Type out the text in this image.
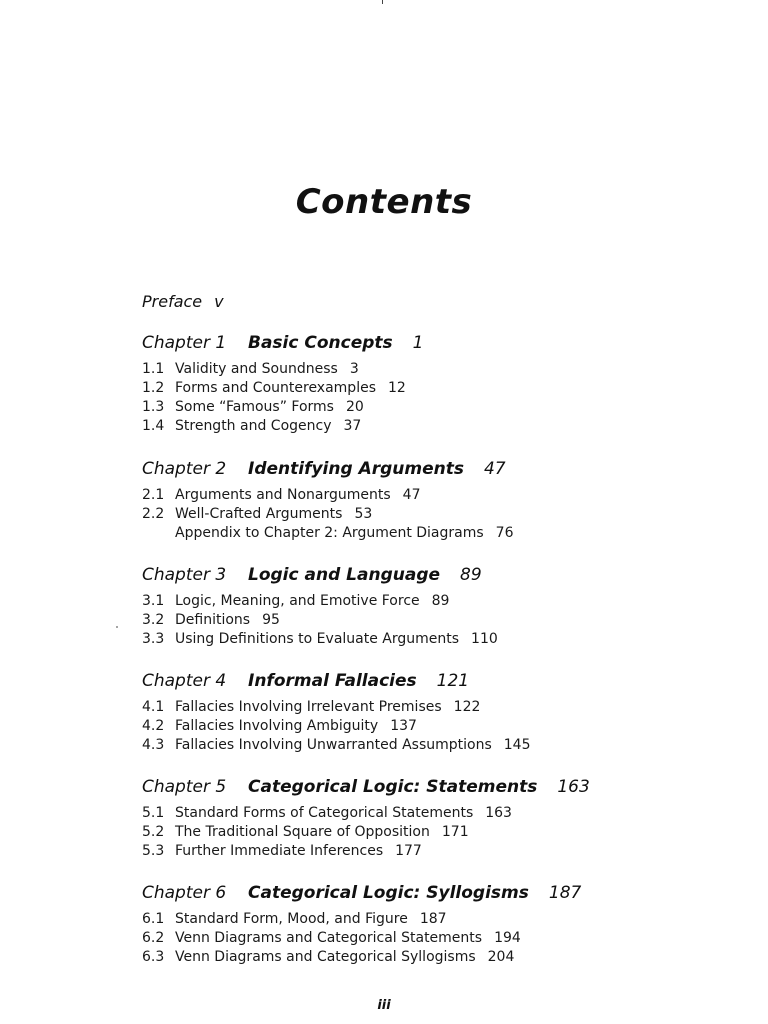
Contents
Preface v
Chapter 1 Basic Concepts 1
1.1 Validity and Soundness 3
1.2 Forms and Counterexamples 12
1.3 Some “Famous” Forms 20
1.4 Strength and Cogency 37
Chapter 2 Identifying Arguments 47
2.1 Arguments and Nonarguments 47
2.2 Well-Crafted Arguments 53
Appendix to Chapter 2: Argument Diagrams 76
Chapter 3 Logic and Language 89
3.1 Logic, Meaning, and Emotive Force 89
3.2 Definitions 95
3.3 Using Definitions to Evaluate Arguments 110
Chapter 4 Informal Fallacies 121
4.1 Fallacies Involving Irrelevant Premises 122
4.2 Fallacies Involving Ambiguity 137
4.3 Fallacies Involving Unwarranted Assumptions 145
Chapter 5 Categorical Logic: Statements 163
5.1 Standard Forms of Categorical Statements 163
5.2 The Traditional Square of Opposition 171
5.3 Further Immediate Inferences 177
Chapter 6 Categorical Logic: Syllogisms 187
6.1 Standard Form, Mood, and Figure 187
6.2 Venn Diagrams and Categorical Statements 194
6.3 Venn Diagrams and Categorical Syllogisms 204
iii
